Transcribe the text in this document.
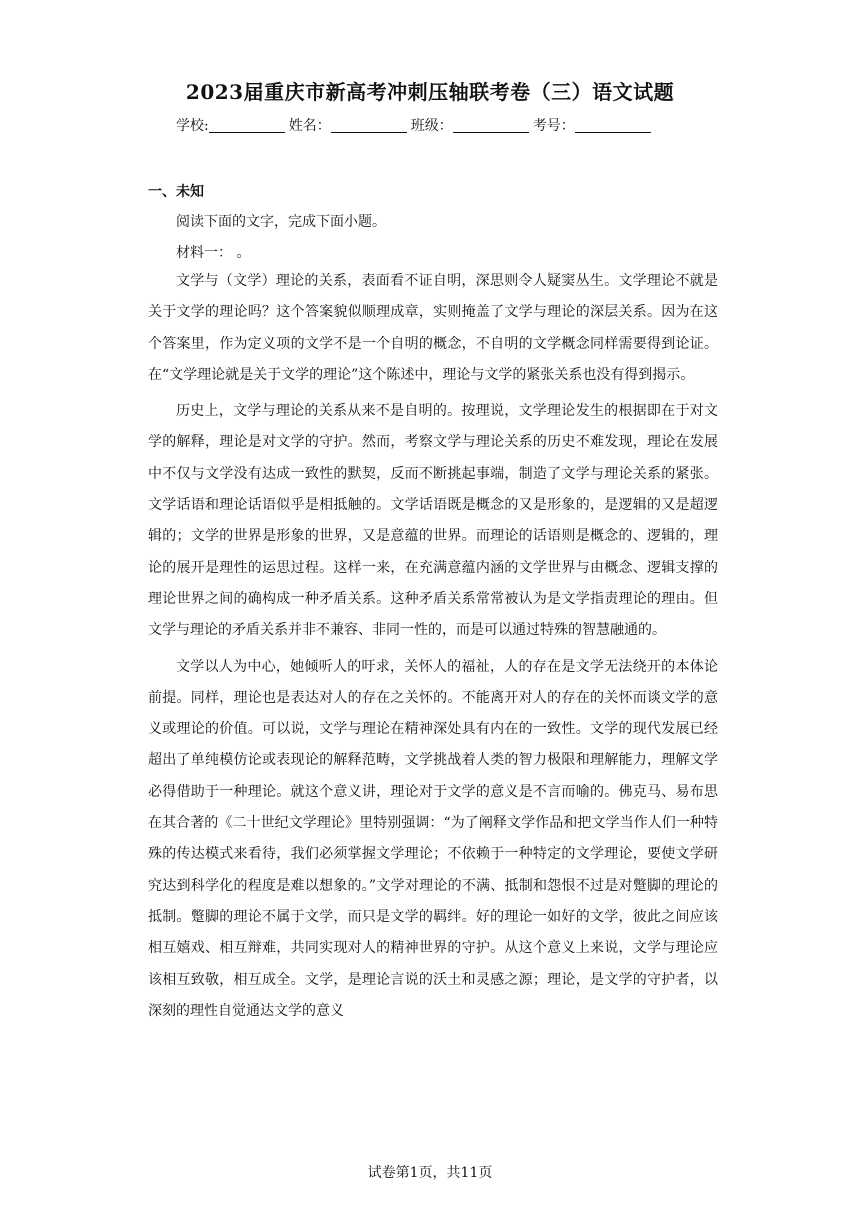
2023届重庆市新高考冲刺压轴联考卷（三）语文试题
学校:	姓名：	班级：	考号：
一、未知
阅读下面的文字，完成下面小题。
材料一： 。

文学与（文学）理论的关系，表面看不证自明，深思则令人疑窦丛生。文学理论不就是关于文学的理论吗？这个答案貌似顺理成章，实则掩盖了文学与理论的深层关系。因为在这个答案里，作为定义项的文学不是一个自明的概念，不自明的文学概念同样需要得到论证。在“文学理论就是关于文学的理论”这个陈述中，理论与文学的紧张关系也没有得到揭示。

历史上，文学与理论的关系从来不是自明的。按理说，文学理论发生的根据即在于对文学的解释，理论是对文学的守护。然而，考察文学与理论关系的历史不难发现，理论在发展中不仅与文学没有达成一致性的默契，反而不断挑起事端，制造了文学与理论关系的紧张。文学话语和理论话语似乎是相抵触的。文学话语既是概念的又是形象的，是逻辑的又是超逻辑的；文学的世界是形象的世界，又是意蕴的世界。而理论的话语则是概念的、逻辑的，理论的展开是理性的运思过程。这样一来，在充满意蕴内涵的文学世界与由概念、逻辑支撑的理论世界之间的确构成一种矛盾关系。这种矛盾关系常常被认为是文学指责理论的理由。但文学与理论的矛盾关系并非不兼容、非同一性的，而是可以通过特殊的智慧融通的。

文学以人为中心，她倾听人的吁求，关怀人的福祉，人的存在是文学无法绕开的本体论前提。同样，理论也是表达对人的存在之关怀的。不能离开对人的存在的关怀而谈文学的意义或理论的价值。可以说，文学与理论在精神深处具有内在的一致性。文学的现代发展已经超出了单纯模仿论或表现论的解释范畴，文学挑战着人类的智力极限和理解能力，理解文学必得借助于一种理论。就这个意义讲，理论对于文学的意义是不言而喻的。佛克马、易布思在其合著的《二十世纪文学理论》里特别强调：“为了阐释文学作品和把文学当作人们一种特殊的传达模式来看待，我们必须掌握文学理论；不依赖于一种特定的文学理论，要使文学研究达到科学化的程度是难以想象的。”文学对理论的不满、抵制和怨恨不过是对蹩脚的理论的抵制。蹩脚的理论不属于文学，而只是文学的羁绊。好的理论一如好的文学，彼此之间应该相互嬉戏、相互辩难，共同实现对人的精神世界的守护。从这个意义上来说，文学与理论应该相互致敬，相互成全。文学，是理论言说的沃土和灵感之源；理论，是文学的守护者，以深刻的理性自觉通达文学的意义

试卷第1页，共11页
